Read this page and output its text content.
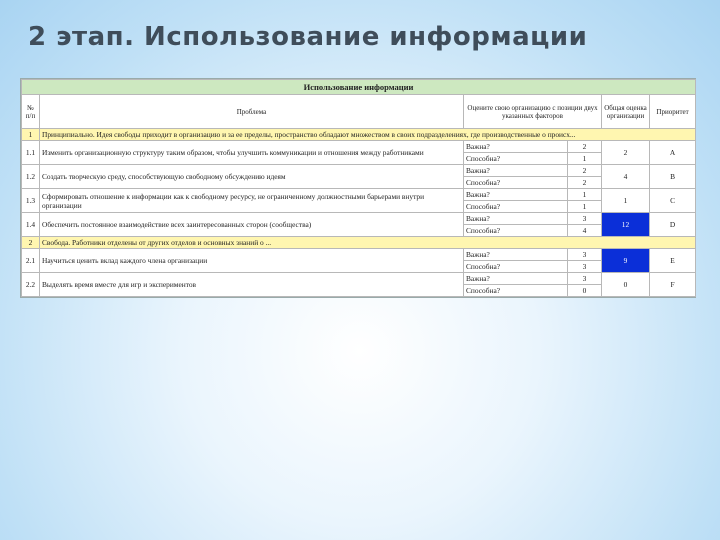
2 этап. Использование информации
Использование информации					
№ п/п	Проблема	Оцените свою организацию с позиции двух указанных факторов		Общая оценка организации	Приоритет
1	Принципиально. Идея свободы приходит в организацию и за ее пределы, пространство обладают множеством в своих подразделениях, где производственные о происх...				
1.1	Изменить организационную структуру таким образом, чтобы улучшить коммуникации и отношения между работниками	Важна?	2	2	A
		Способна?	1		
1.2	Создать творческую среду, способствующую свободному обсуждению идеям	Важна?	2	4	B
		Способна?	2		
1.3	Сформировать отношение к информации как к свободному ресурсу, не ограниченному должностными барьерами внутри организации	Важна?	1	1	C
		Способна?	1		
1.4	Обеспечить постоянное взаимодействие всех заинтересованных сторон (сообщества)	Важна?	3	12	D
		Способна?	4		
2	Свобода. Работники отделены от других отделов и основных знаний о ...				
2.1	Научиться ценить вклад каждого члена организации	Важна?	3	9	E
		Способна?	3		
2.2	Выделять время вместе для игр и экспериментов	Важна?	3	0	F
		Способна?	0		
